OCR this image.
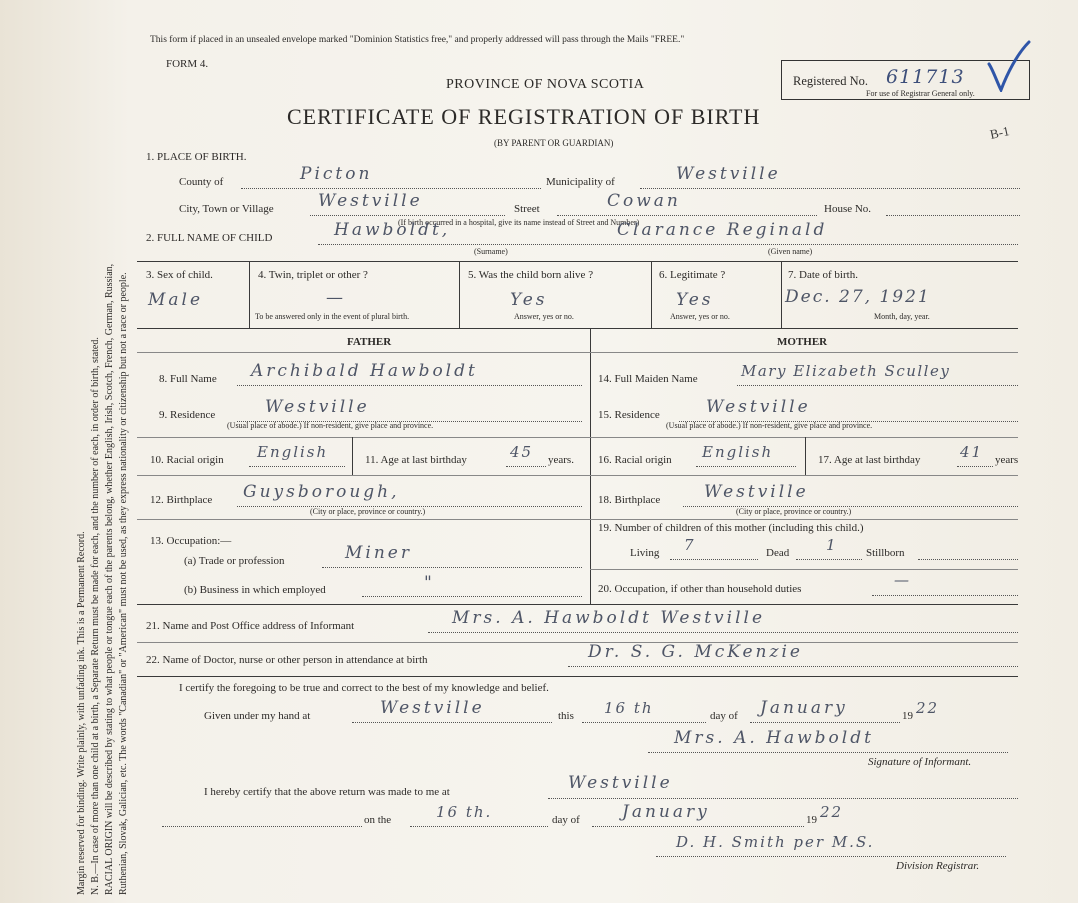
Margin reserved for binding. Write plainly, with unfading ink. This is a Permanent Record. N. B.—In case of more than one child at a birth, a Separate Return must be made for each, and the number of each, in order of birth, stated. RACIAL ORIGIN will be described by stating to what people or tongue each of the parents belong, whether English, Irish, Scotch, French, German, Russian, Ruthenian, Slovak, Galician, etc. The words "Canadian" or "American" must not be used, as they express nationality or citizenship but not a race or people.
This form if placed in an unsealed envelope marked "Dominion Statistics free," and properly addressed will pass through the Mails "FREE."
FORM 4.
PROVINCE OF NOVA SCOTIA
CERTIFICATE OF REGISTRATION OF BIRTH
(BY PARENT OR GUARDIAN)
Registered No. 611713
For use of Registrar General only.
B-1
1. PLACE OF BIRTH.
County of	Picton	Municipality of	Westville
City, Town or Village	Westville	Street	Cowan	House No.
(If birth occurred in a hospital, give its name instead of Street and Number)
2. FULL NAME OF CHILD	Hawboldt,	Clarance Reginald
(Surname)	(Given name)
3. Sex of child.
Male
4. Twin, triplet or other ?
—
To be answered only in the event of plural birth.
5. Was the child born alive ?
Yes
Answer, yes or no.
6. Legitimate ?
Yes
Answer, yes or no.
7. Date of birth.
Dec. 27, 1921
Month, day, year.
FATHER	MOTHER
8. Full Name Archibald Hawboldt
9. Residence	Westville
(Usual place of abode.) If non-resident, give place and province.
10. Racial origin English	11. Age at last birthday	45 years.
12. Birthplace Guysborough,
(City or place, province or country.)
13. Occupation:—
(a) Trade or profession	Miner
(b) Business in which employed	"
14. Full Maiden Name	Mary Elizabeth Sculley
15. Residence	Westville
(Usual place of abode.) If non-resident, give place and province.
16. Racial origin English	17. Age at last birthday	41 years
18. Birthplace	Westville
(City or place, province or country.)
19. Number of children of this mother (including this child.)
Living 7	Dead 1	Stillborn
20. Occupation, if other than household duties	—
21. Name and Post Office address of Informant	Mrs. A. Hawboldt Westville
22. Name of Doctor, nurse or other person in attendance at birth	Dr. S. G. McKenzie
I certify the foregoing to be true and correct to the best of my knowledge and belief.
Given under my hand at	Westville	this 16 th	day of January	19 22
Mrs. A. Hawboldt
Signature of Informant.
I hereby certify that the above return was made to me at	Westville
on the	16 th.	day of January	19 22
D. H. Smith per M.S.
Division Registrar.
